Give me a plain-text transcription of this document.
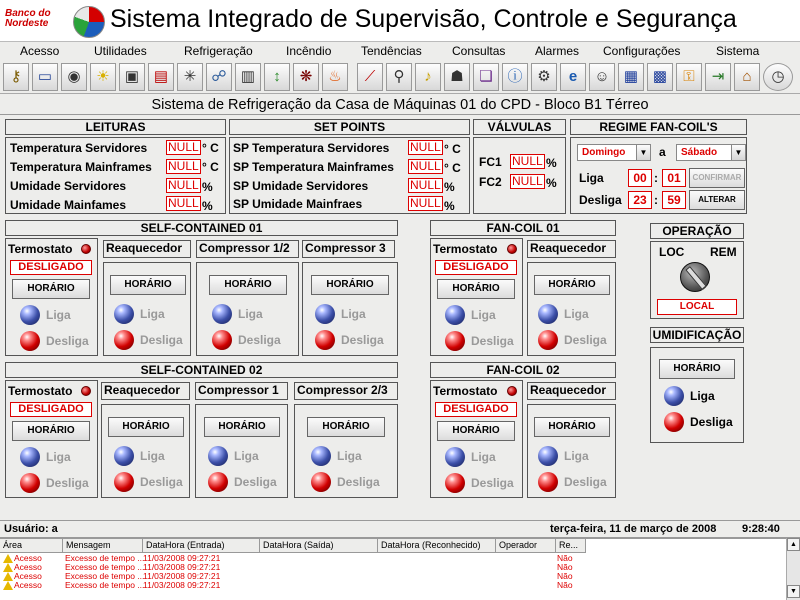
Banco do
Nordeste Sistema Integrado de Supervisão, Controle e Segurança
Acesso	Utilidades	Refrigeração	Incêndio Tendências	Consultas Alarmes Configurações	Sistema
⚷	▭	◉	☀	▣ ▤	✳	☍ ▥	↕	❋	♨	⟋	⚲	♪	☗	❏ ⓘ ⚙	e	☺ ▦ ▩	⚿	⇥	⌂	◷
Sistema de Refrigeração da Casa de Máquinas 01 do CPD - Bloco B1 Térreo
LEITURAS
Temperatura Servidores NULL ° C
Temperatura Mainframes NULL ° C
Umidade Servidores	NULL %
Umidade Mainfames	NULL %
SET POINTS
SP Temperatura Servidores NULL ° C
SP Temperatura Mainframes NULL ° C
SP Umidade Servidores	NULL %
SP Umidade Mainfraes	NULL %
VÁLVULAS
FC1 NULL %
FC2 NULL %
REGIME FAN-COIL'S
Domingo	▼ a	Sábado	▼
Liga	00 : 01	CONFIRMAR
Desliga 23 : 59	ALTERAR
SELF-CONTAINED 01
Termostato
DESLIGADO
HORÁRIO
Liga
Desliga
Reaquecedor
HORÁRIO
Liga
Desliga
Compressor 1/2
HORÁRIO
Liga
Desliga
Compressor 3
HORÁRIO
Liga
Desliga
SELF-CONTAINED 02
Termostato
DESLIGADO
HORÁRIO
Liga
Desliga
Reaquecedor
HORÁRIO
Liga
Desliga
Compressor 1
HORÁRIO
Liga
Desliga
Compressor 2/3
HORÁRIO
Liga
Desliga
FAN-COIL 01
Termostato
DESLIGADO
HORÁRIO
Liga
Desliga
Reaquecedor
HORÁRIO
Liga
Desliga
FAN-COIL 02
Termostato
DESLIGADO
HORÁRIO
Liga
Desliga
Reaquecedor
HORÁRIO
Liga
Desliga
OPERAÇÃO
LOC REM
LOCAL
UMIDIFICAÇÃO
HORÁRIO
Liga
Desliga
Usuário: a	terça-feira, 11 de março de 2008 9:28:40
Área	Mensagem	DataHora (Entrada)	DataHora (Saída)	DataHora (Reconhecido)	Operador	Re...
Acesso	Excesso de tempo ...
11/03/2008 09:27:21	Não
Acesso	Excesso de tempo ...
11/03/2008 09:27:21	Não
Acesso	Excesso de tempo ...
11/03/2008 09:27:21	Não
Acesso	Excesso de tempo ...
11/03/2008 09:27:21	Não
▲
▼
